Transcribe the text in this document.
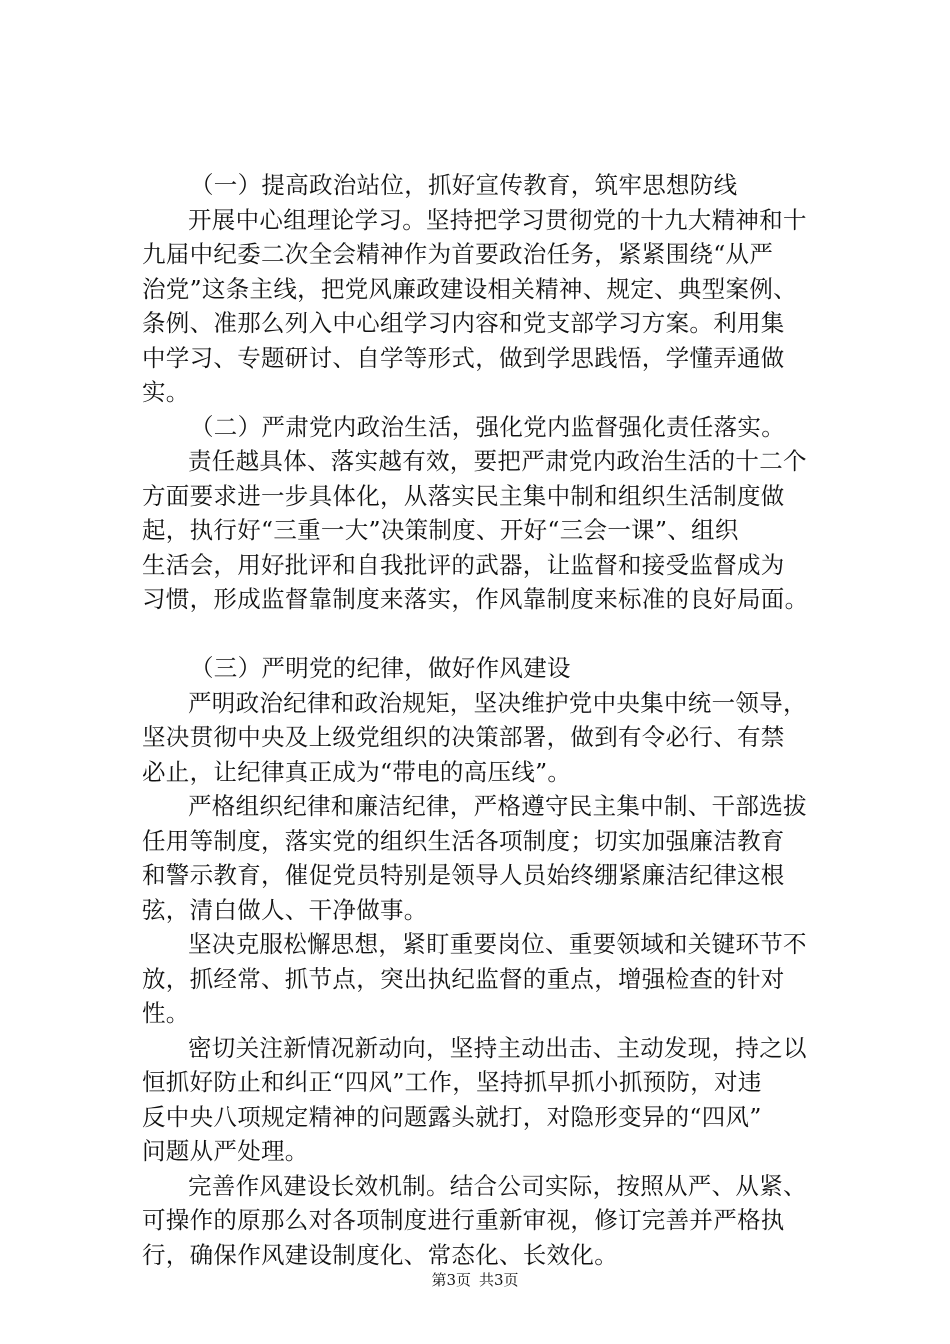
（一）提高政治站位，抓好宣传教育，筑牢思想防线
开展中心组理论学习。坚持把学习贯彻党的十九大精神和十
九届中纪委二次全会精神作为首要政治任务，紧紧围绕“从严
治党”这条主线，把党风廉政建设相关精神、规定、典型案例、
条例、准那么列入中心组学习内容和党支部学习方案。利用集
中学习、专题研讨、自学等形式，做到学思践悟，学懂弄通做
实。
（二）严肃党内政治生活，强化党内监督强化责任落实。
责任越具体、落实越有效，要把严肃党内政治生活的十二个
方面要求进一步具体化，从落实民主集中制和组织生活制度做
起，执行好“三重一大”决策制度、开好“三会一课”、组织
生活会，用好批评和自我批评的武器，让监督和接受监督成为
习惯，形成监督靠制度来落实，作风靠制度来标准的良好局面。
（三）严明党的纪律，做好作风建设
严明政治纪律和政治规矩，坚决维护党中央集中统一领导，
坚决贯彻中央及上级党组织的决策部署，做到有令必行、有禁
必止，让纪律真正成为“带电的高压线”。
严格组织纪律和廉洁纪律，严格遵守民主集中制、干部选拔
任用等制度，落实党的组织生活各项制度；切实加强廉洁教育
和警示教育，催促党员特别是领导人员始终绷紧廉洁纪律这根
弦，清白做人、干净做事。
坚决克服松懈思想，紧盯重要岗位、重要领域和关键环节不
放，抓经常、抓节点，突出执纪监督的重点，增强检查的针对
性。
密切关注新情况新动向，坚持主动出击、主动发现，持之以
恒抓好防止和纠正“四风”工作，坚持抓早抓小抓预防，对违
反中央八项规定精神的问题露头就打，对隐形变异的“四风”
问题从严处理。
完善作风建设长效机制。结合公司实际，按照从严、从紧、
可操作的原那么对各项制度进行重新审视，修订完善并严格执
行，确保作风建设制度化、常态化、长效化。
第3页 共3页
